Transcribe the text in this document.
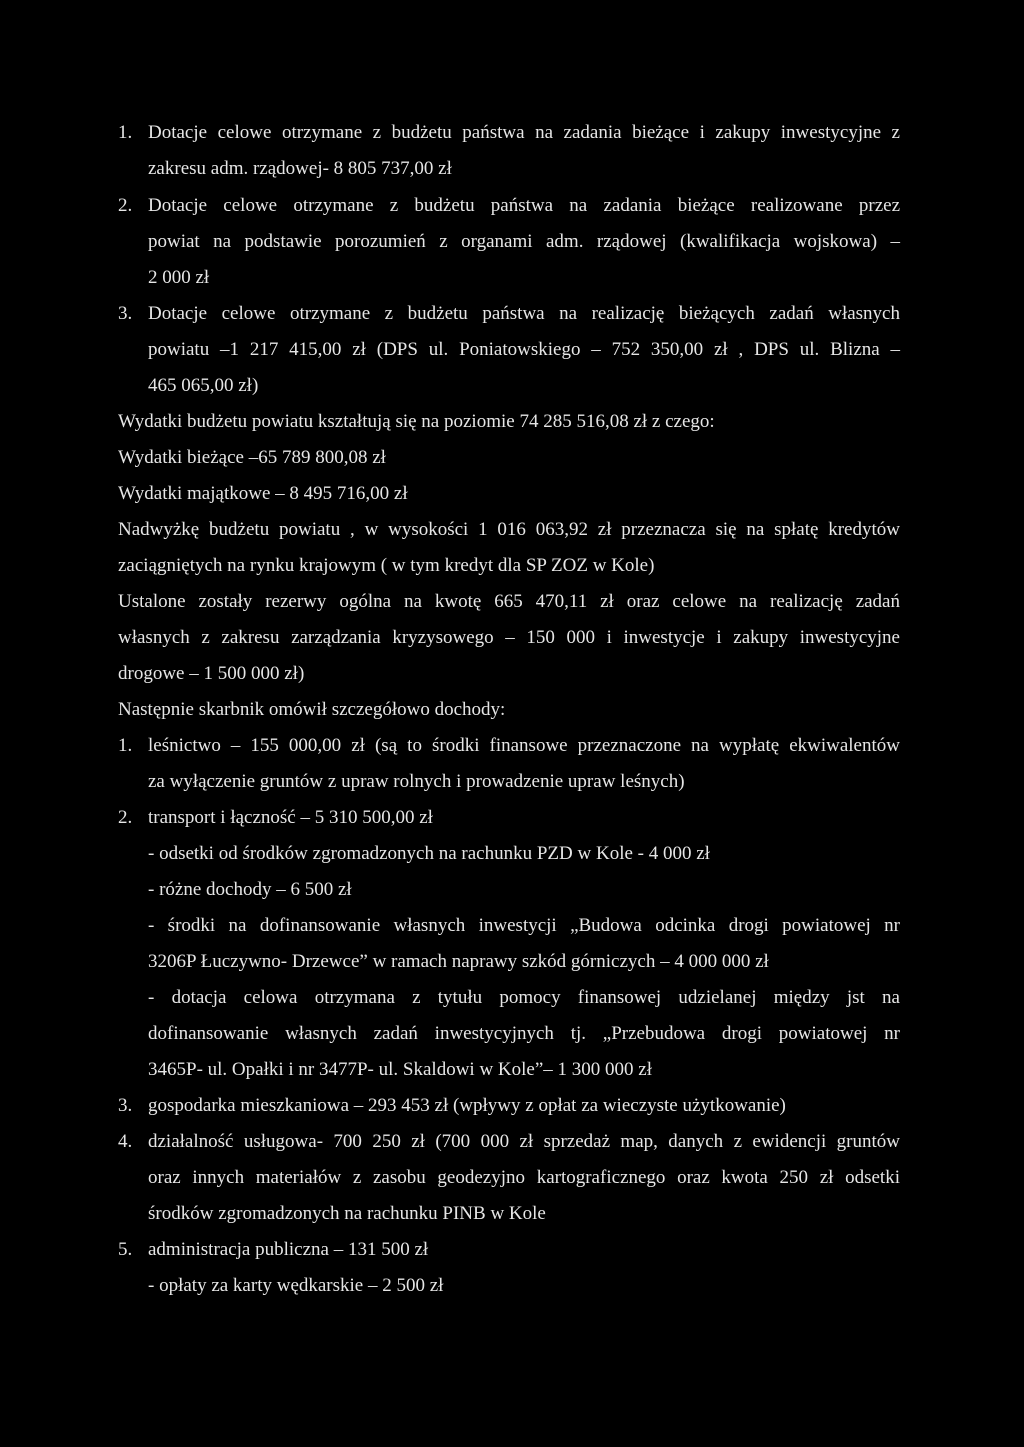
1. Dotacje celowe otrzymane z budżetu państwa na zadania bieżące i zakupy inwestycyjne z
zakresu adm. rządowej- 8 805 737,00 zł
2. Dotacje celowe otrzymane z budżetu państwa na zadania bieżące realizowane przez
powiat na podstawie porozumień z organami adm. rządowej (kwalifikacja wojskowa) –
2 000 zł
3. Dotacje celowe otrzymane z budżetu państwa na realizację bieżących zadań własnych
powiatu –1 217 415,00 zł (DPS ul. Poniatowskiego – 752 350,00 zł , DPS ul. Blizna –
465 065,00 zł)
Wydatki budżetu powiatu kształtują się na poziomie 74 285 516,08 zł z czego:
Wydatki bieżące –65 789 800,08 zł
Wydatki majątkowe – 8 495 716,00 zł
Nadwyżkę budżetu powiatu , w wysokości 1 016 063,92 zł przeznacza się na spłatę kredytów
zaciągniętych na rynku krajowym ( w tym kredyt dla SP ZOZ w Kole)
Ustalone zostały rezerwy ogólna na kwotę 665 470,11 zł oraz celowe na realizację zadań
własnych z zakresu zarządzania kryzysowego – 150 000 i inwestycje i zakupy inwestycyjne
drogowe – 1 500 000 zł)
Następnie skarbnik omówił szczegółowo dochody:
1. leśnictwo – 155 000,00 zł (są to środki finansowe przeznaczone na wypłatę ekwiwalentów
za wyłączenie gruntów z upraw rolnych i prowadzenie upraw leśnych)
2. transport i łączność – 5 310 500,00 zł
- odsetki od środków zgromadzonych na rachunku PZD w Kole - 4 000 zł
- różne dochody – 6 500 zł
- środki na dofinansowanie własnych inwestycji „Budowa odcinka drogi powiatowej nr
3206P Łuczywno- Drzewce” w ramach naprawy szkód górniczych – 4 000 000 zł
- dotacja celowa otrzymana z tytułu pomocy finansowej udzielanej między jst na
dofinansowanie własnych zadań inwestycyjnych tj. „Przebudowa drogi powiatowej nr
3465P- ul. Opałki i nr 3477P- ul. Skaldowi w Kole”– 1 300 000 zł
3. gospodarka mieszkaniowa – 293 453 zł (wpływy z opłat za wieczyste użytkowanie)
4. działalność usługowa- 700 250 zł (700 000 zł sprzedaż map, danych z ewidencji gruntów
oraz innych materiałów z zasobu geodezyjno kartograficznego oraz kwota 250 zł odsetki
środków zgromadzonych na rachunku PINB w Kole
5. administracja publiczna – 131 500 zł
- opłaty za karty wędkarskie – 2 500 zł
